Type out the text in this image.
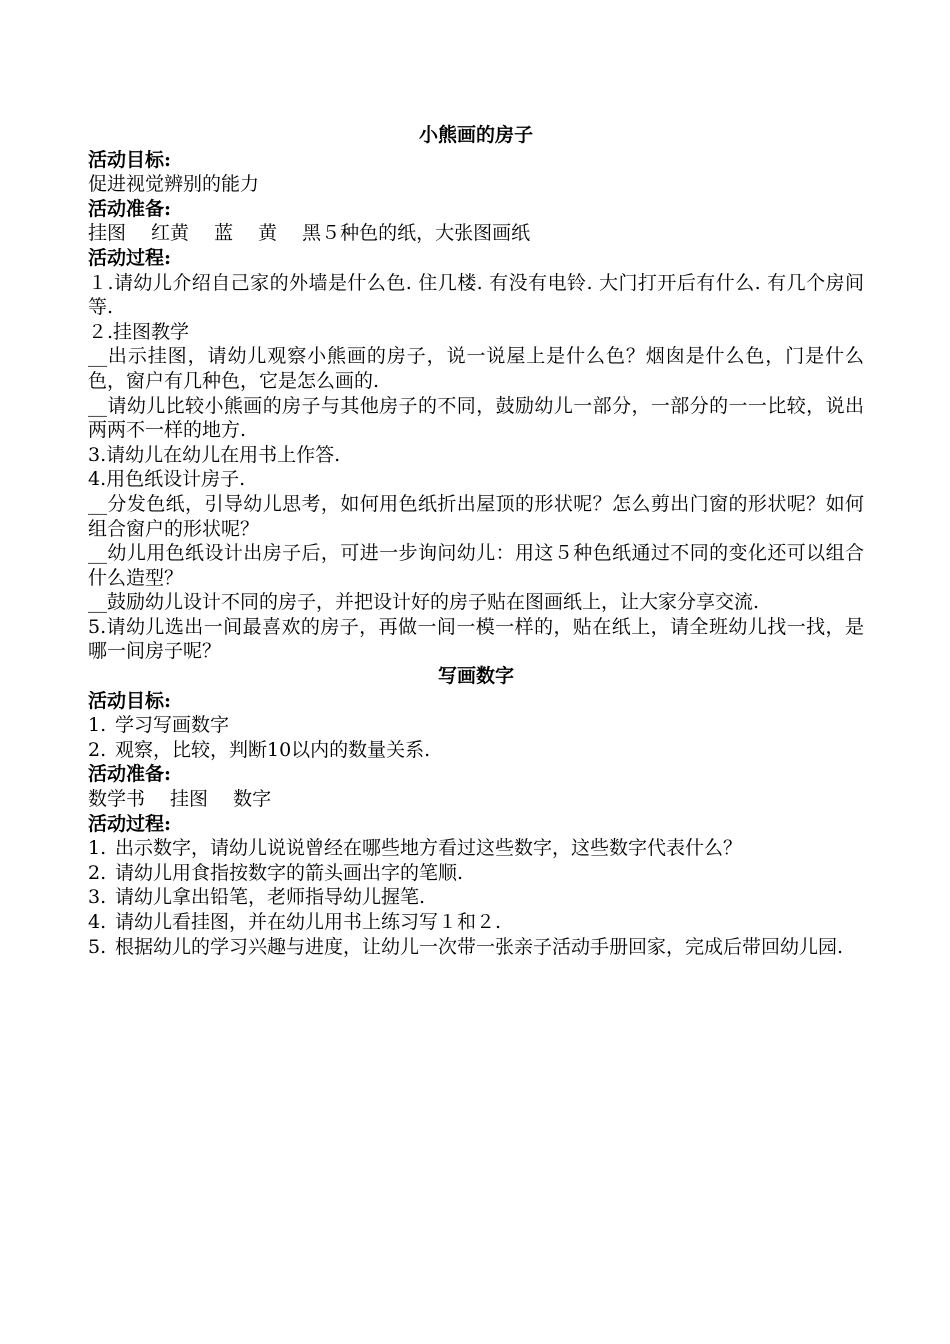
小熊画的房子

活动目标:

促进视觉辨别的能力

活动准备:

挂图　 红黄　 蓝　 黄　 黑５种色的纸，大张图画纸

活动过程:

１.请幼儿介绍自己家的外墙是什么色. 住几楼. 有没有电铃. 大门打开后有什么. 有几个房间等.

２.挂图教学

__出示挂图，请幼儿观察小熊画的房子，说一说屋上是什么色？烟囱是什么色，门是什么色，窗户有几种色，它是怎么画的.

__请幼儿比较小熊画的房子与其他房子的不同，鼓励幼儿一部分，一部分的一一比较，说出两两不一样的地方.

3.请幼儿在幼儿在用书上作答.

4.用色纸设计房子.

__分发色纸，引导幼儿思考，如何用色纸折出屋顶的形状呢？怎么剪出门窗的形状呢？如何组合窗户的形状呢？

__幼儿用色纸设计出房子后，可进一步询问幼儿：用这５种色纸通过不同的变化还可以组合什么造型？

__鼓励幼儿设计不同的房子，并把设计好的房子贴在图画纸上，让大家分享交流.

5.请幼儿选出一间最喜欢的房子，再做一间一模一样的，贴在纸上，请全班幼儿找一找，是哪一间房子呢？

写画数字

活动目标:

1. 学习写画数字
2. 观察，比较，判断10以内的数量关系.

活动准备:

数学书　 挂图　 数字

活动过程:

1. 出示数字，请幼儿说说曾经在哪些地方看过这些数字，这些数字代表什么？
2. 请幼儿用食指按数字的箭头画出字的笔顺.
3. 请幼儿拿出铅笔，老师指导幼儿握笔.
4. 请幼儿看挂图，并在幼儿用书上练习写１和２.
5. 根据幼儿的学习兴趣与进度，让幼儿一次带一张亲子活动手册回家，完成后带回幼儿园.
